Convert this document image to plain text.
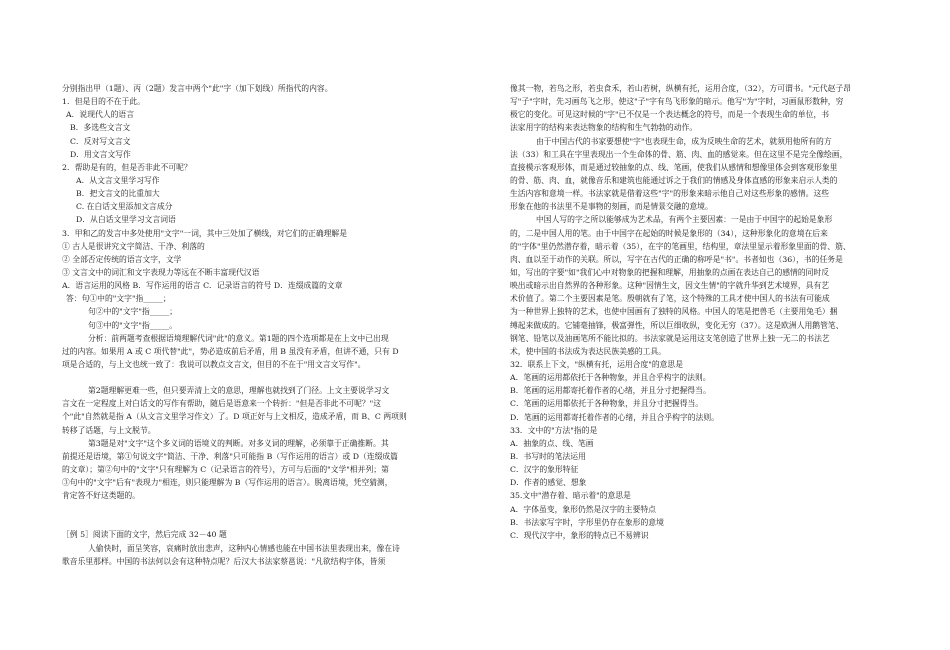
分别指出甲（1题）、丙（2题）发言中两个"此"字（加下划线）所指代的内容。
1．但是目的不在于此。
A．说现代人的语言
B．多选些文言文
C．反对写文言文
D．用文言文写作
2．帮助是有的，但是否非此不可呢？
A．从文言文里学习写作
B．把文言文的比重加大
C. 在白话文里添加文言成分
D．从白话文里学习文言词语
3．甲和乙的发言中多处使用"文字"一词，其中三处加了横线，对它们的正确理解是
① 古人是很讲究文字简洁、干净、利落的
② 全部否定传统的语言文字，文学
③ 文言文中的词汇和文字表现力等远在不断丰富现代汉语
A．语言运用的风格 B．写作运用的语言 C．记录语言的符号 D．连缀成篇的文章
答：句①中的"文字"指_____；
句②中的"文字"指_____；
句③中的"文字"指_____。
分析：前两题考查根据语境理解代词"此"的意义。第1题的四个选项都是在上文中已出现
过的内容。如果用 A 或 C 项代替"此"，势必造成前后矛盾，用 B 虽没有矛盾，但讲不通，只有 D
项是合适的，与上文也统一致了：我说可以教点文言文，但目的不在于"用文言文写作"。
第2题理解更难一些，但只要弄清上文的意思，理解也就找到了门径。上文主要说学习文
言文在一定程度上对白话文的写作有帮助，随后是语意来一个转折："但是否非此不可呢？"这
个"此"自然就是指 A（从文言文里学习作文）了。D 项正好与上文相反，造成矛盾，而 B、C 两项则
转移了话题，与上文脱节。
第3题是对"文字"这个多义词的语境义的判断。对多义词的理解，必须靠于正确推断。其
前提还是语境，第①句说文字"简洁、干净、利落"只可能指 B（写作运用的语言）或 D（连缀成篇
的文章）；第②句中的"文字"只有理解为 C（记录语言的符号），方可与后面的"文学"相并列；第
③句中的"文字"后有"表现力"相连，则只能理解为 B（写作运用的语言）。脱离语境，凭空猜测，
肯定答不好这类题的。
［例 5］阅读下面的文字，然后完成 32－40 题
人偷快时，面呈笑容，哀痛时放出悲声，这种内心情感也能在中国书法里表现出来，像在诗
歌音乐里那样。中国的书法何以会有这种特点呢？后汉大书法家蔡邕说："凡欲结构字体，皆须
像其一物，若鸟之形，若虫食禾，若山若树，纵横有托，运用合度，（32），方可谓书。"元代赵子昂
写"子"字时，先习画鸟飞之形，使这"子"字有鸟飞形象的暗示。他写"为"字时，习画鼠形数种，穷
极它的变化。可见这时候的"字"已不仅是一个表达概念的符号，而是一个表现生命的单位，书
法家用字的结构来表达物象的结构和生气勃勃的动作。
由于中国古代的书家要想使"字"也表现生命，成为反映生命的艺术，就须用他所有的方
法（33）和工具在字里表现出一个生命体的骨、筋、肉、血的感觉来。但在这里不是完全像绘画，
直接模示客观形体，而是通过较抽象的点、线、笔画，使我们从感情和想像里体会到客观形象里
的骨、筋、肉、血，就像音乐和建筑也能通过诉之于我们的情感及身体直感的形象来启示人类的
生活内容和意境一样。书法家就是借着这些"字"的形象来暗示他自己对这些形象的感情。这些
形象在他的书法里不是事物的刻画，而是情景交融的意境。
中国人写的字之所以能够成为艺术品，有两个主要因素：一是由于中国字的起始是象形
的，二是中国人用的笔。由于中国字在起始的时候是象形的（34），这种形象化的意境在后来
的"字体"里仍然潜存着，暗示着（35），在字的笔画里，结构里，章法里显示着形象里面的骨、筋、
肉、血以至于动作的关联。所以，写字在古代的正确的称呼是"书"。书者如也（36），书的任务是
如，写出的字要"如"我们心中对物象的把握和理解，用抽象的点画在表达自己的感情的同时反
映出或暗示出自然界的各种形象。这种"因情生文，因文生情"的字就升华到艺术境界，具有艺
术价值了。第二个主要因素是笔。殷朝就有了笔，这个特殊的工具才使中国人的书法有可能成
为一种世界上独特的艺术，也使中国画有了独特的风格。中国人的笔是把兽毛（主要用兔毛）捆
缚起来做成的。它铺毫抽锋，极富弹性，所以巨细收纵，变化无穷（37）。这是欧洲人用鹅管笔、
钢笔、铅笔以及油画笔所不能比拟的。书法家就是运用这支笔创造了世界上独一无二的书法艺
术，使中国的书法成为表达民族美感的工具。
32．联系上下文，"纵横有托，运用合度"的意思是
A．笔画的运用都依托于各种物象，并且合乎构字的法则。
B．笔画的运用都寄托着作者的心绪，并且分寸把握得当。
C．笔画的运用都依托于各种物象，并且分寸把握得当。
D．笔画的运用都寄托着作者的心绪，并且合乎构字的法则。
33．文中的"方法"指的是
A．抽象的点、线、笔画
B．书写时的笔法运用
C．汉字的象形特征
D．作者的感觉、想象
35.文中"潜存着、暗示着"的意思是
A．字体虽变，象形仍然是汉字的主要特点
B．书法家写字时，字形里仍存在象形的意境
C．现代汉字中，象形的特点已不易辨识
